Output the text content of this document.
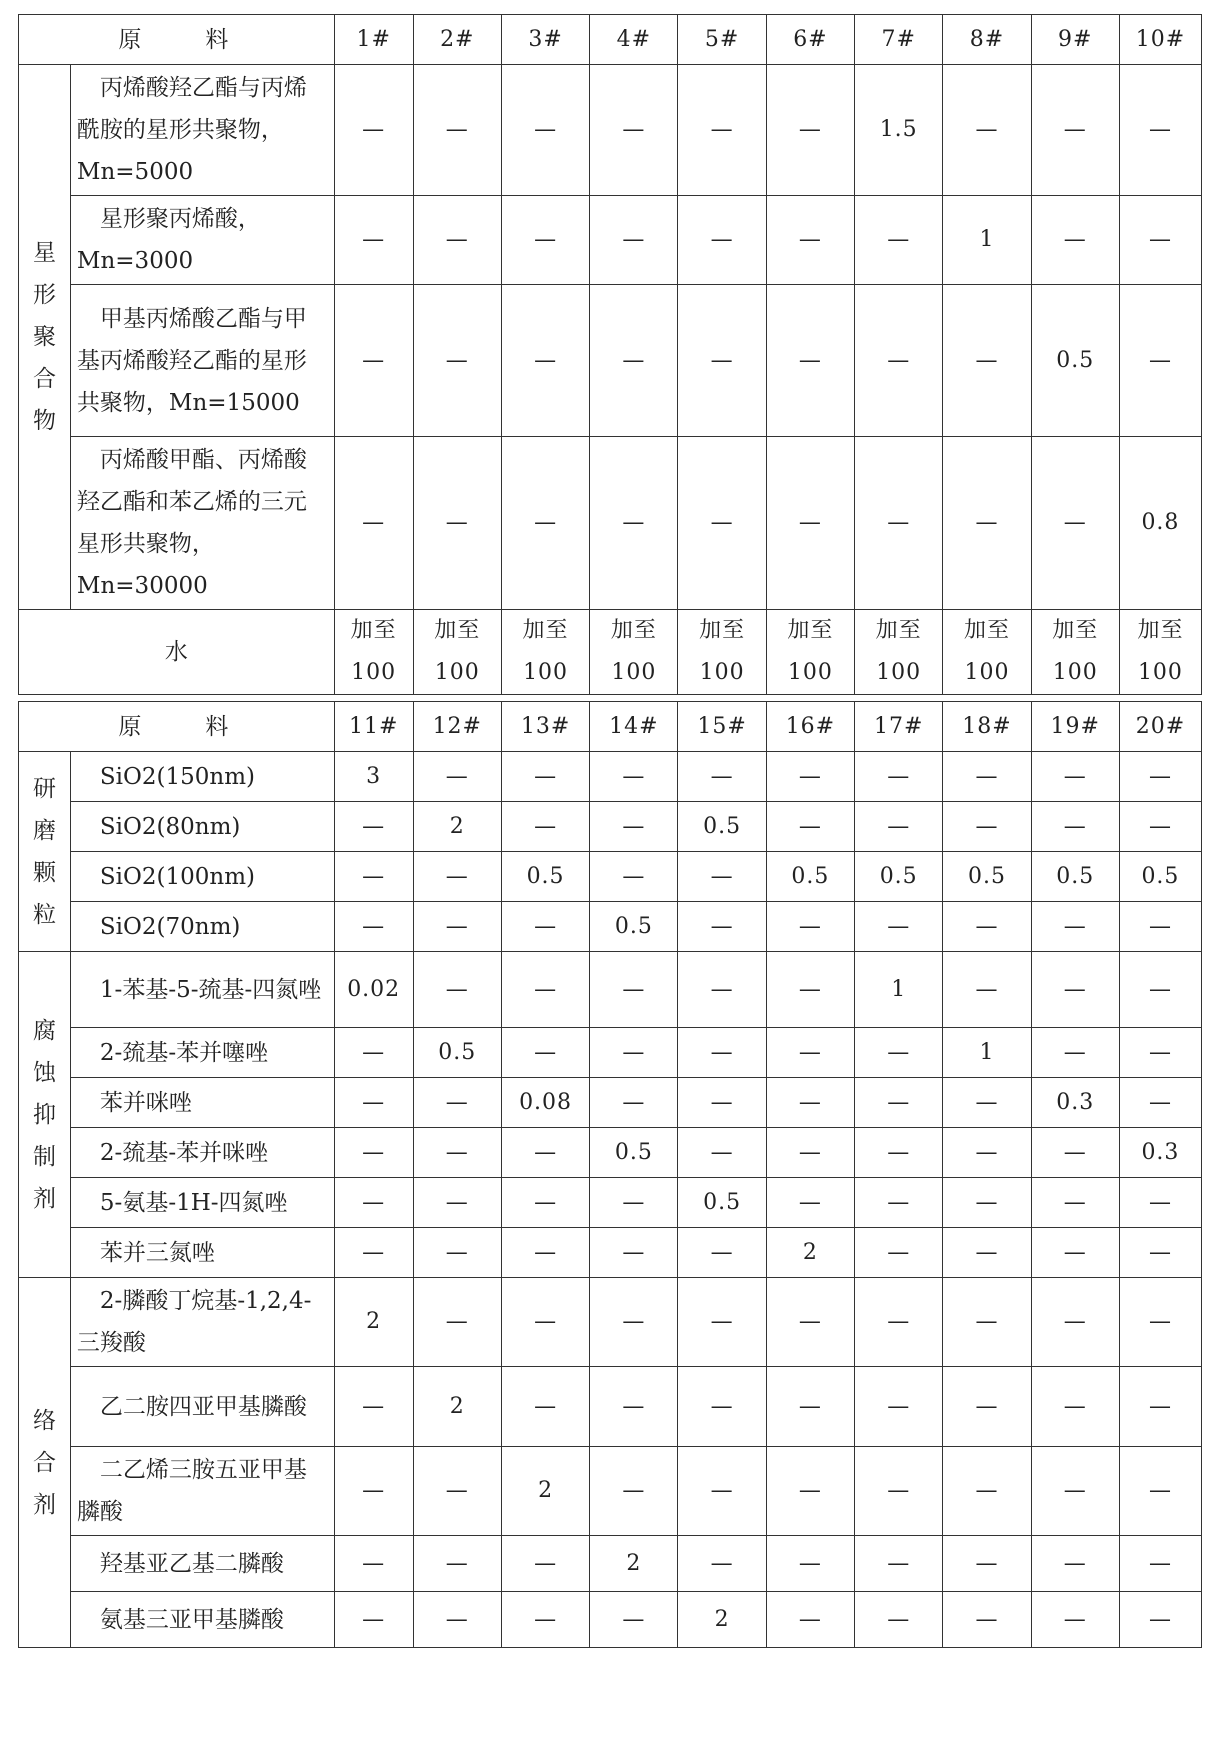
原　　料		1#	2#	3#	4#	5#	6#	7#	8#	9#	10#

星
形
聚
合
物	　丙烯酸羟乙酯与丙烯酰胺的星形共聚物，Mn=5000	—	—	—	—	—	—	1.5	—	—	—
	　星形聚丙烯酸，Mn=3000	—	—	—	—	—	—	—	1	—	—
	　甲基丙烯酸乙酯与甲基丙烯酸羟乙酯的星形共聚物，Mn=15000	—	—	—	—	—	—	—	—	0.5	—
	　丙烯酸甲酯、丙烯酸羟乙酯和苯乙烯的三元星形共聚物，Mn=30000	—	—	—	—	—	—	—	—	—	0.8
水		加至100	加至100	加至100	加至100	加至100	加至100	加至100	加至100	加至100	加至100
原　　料		11#	12#	13#	14#	15#	16#	17#	18#	19#	20#

研
磨
颗
粒	　SiO2(150nm)	3	—	—	—	—	—	—	—	—	—
	　SiO2(80nm)	—	2	—	—	0.5	—	—	—	—	—
	　SiO2(100nm)	—	—	0.5	—	—	0.5	0.5	0.5	0.5	0.5
	　SiO2(70nm)	—	—	—	0.5	—	—	—	—	—	—

腐
蚀
抑
制
剂	　1-苯基-5-巯基-四氮唑	0.02	—	—	—	—	—	1	—	—	—
	　2-巯基-苯并噻唑	—	0.5	—	—	—	—	—	1	—	—
	　苯并咪唑	—	—	0.08	—	—	—	—	—	0.3	—
	　2-巯基-苯并咪唑	—	—	—	0.5	—	—	—	—	—	0.3
	　5-氨基-1H-四氮唑	—	—	—	—	0.5	—	—	—	—	—
	　苯并三氮唑	—	—	—	—	—	2	—	—	—	—

络
合
剂	　2-膦酸丁烷基-1,2,4-三羧酸	2	—	—	—	—	—	—	—	—	—
	　乙二胺四亚甲基膦酸	—	2	—	—	—	—	—	—	—	—
	　二乙烯三胺五亚甲基膦酸	—	—	2	—	—	—	—	—	—	—
	　羟基亚乙基二膦酸	—	—	—	2	—	—	—	—	—	—
	　氨基三亚甲基膦酸	—	—	—	—	2	—	—	—	—	—
